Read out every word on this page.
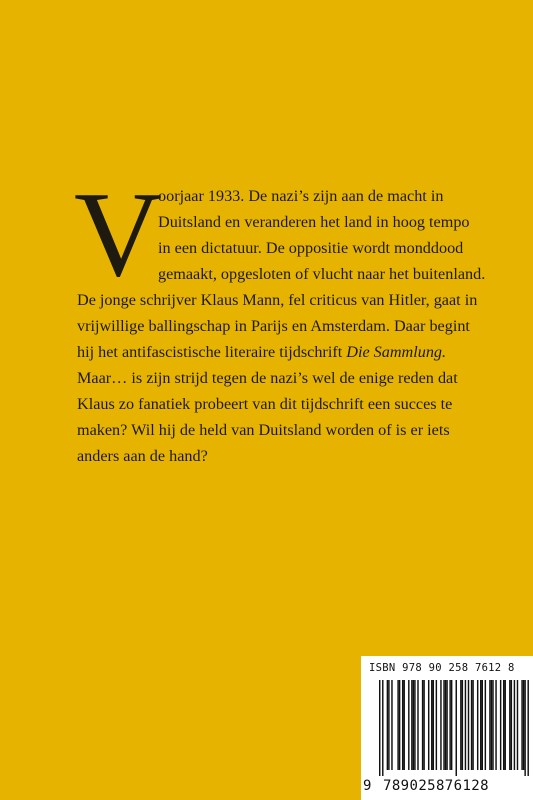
V
oorjaar 1933. De nazi’s zijn aan de macht in
Duitsland en veranderen het land in hoog tempo
in een dictatuur. De oppositie wordt monddood
gemaakt, opgesloten of vlucht naar het buitenland.
De jonge schrijver Klaus Mann, fel criticus van Hitler, gaat in
vrijwillige ballingschap in Parijs en Amsterdam. Daar begint
hij het antifascistische literaire tijdschrift Die Sammlung.
Maar… is zijn strijd tegen de nazi’s wel de enige reden dat
Klaus zo fanatiek probeert van dit tijdschrift een succes te
maken? Wil hij de held van Duitsland worden of is er iets
anders aan de hand?
ISBN 978 90 258 7612 8
9 789025876128
